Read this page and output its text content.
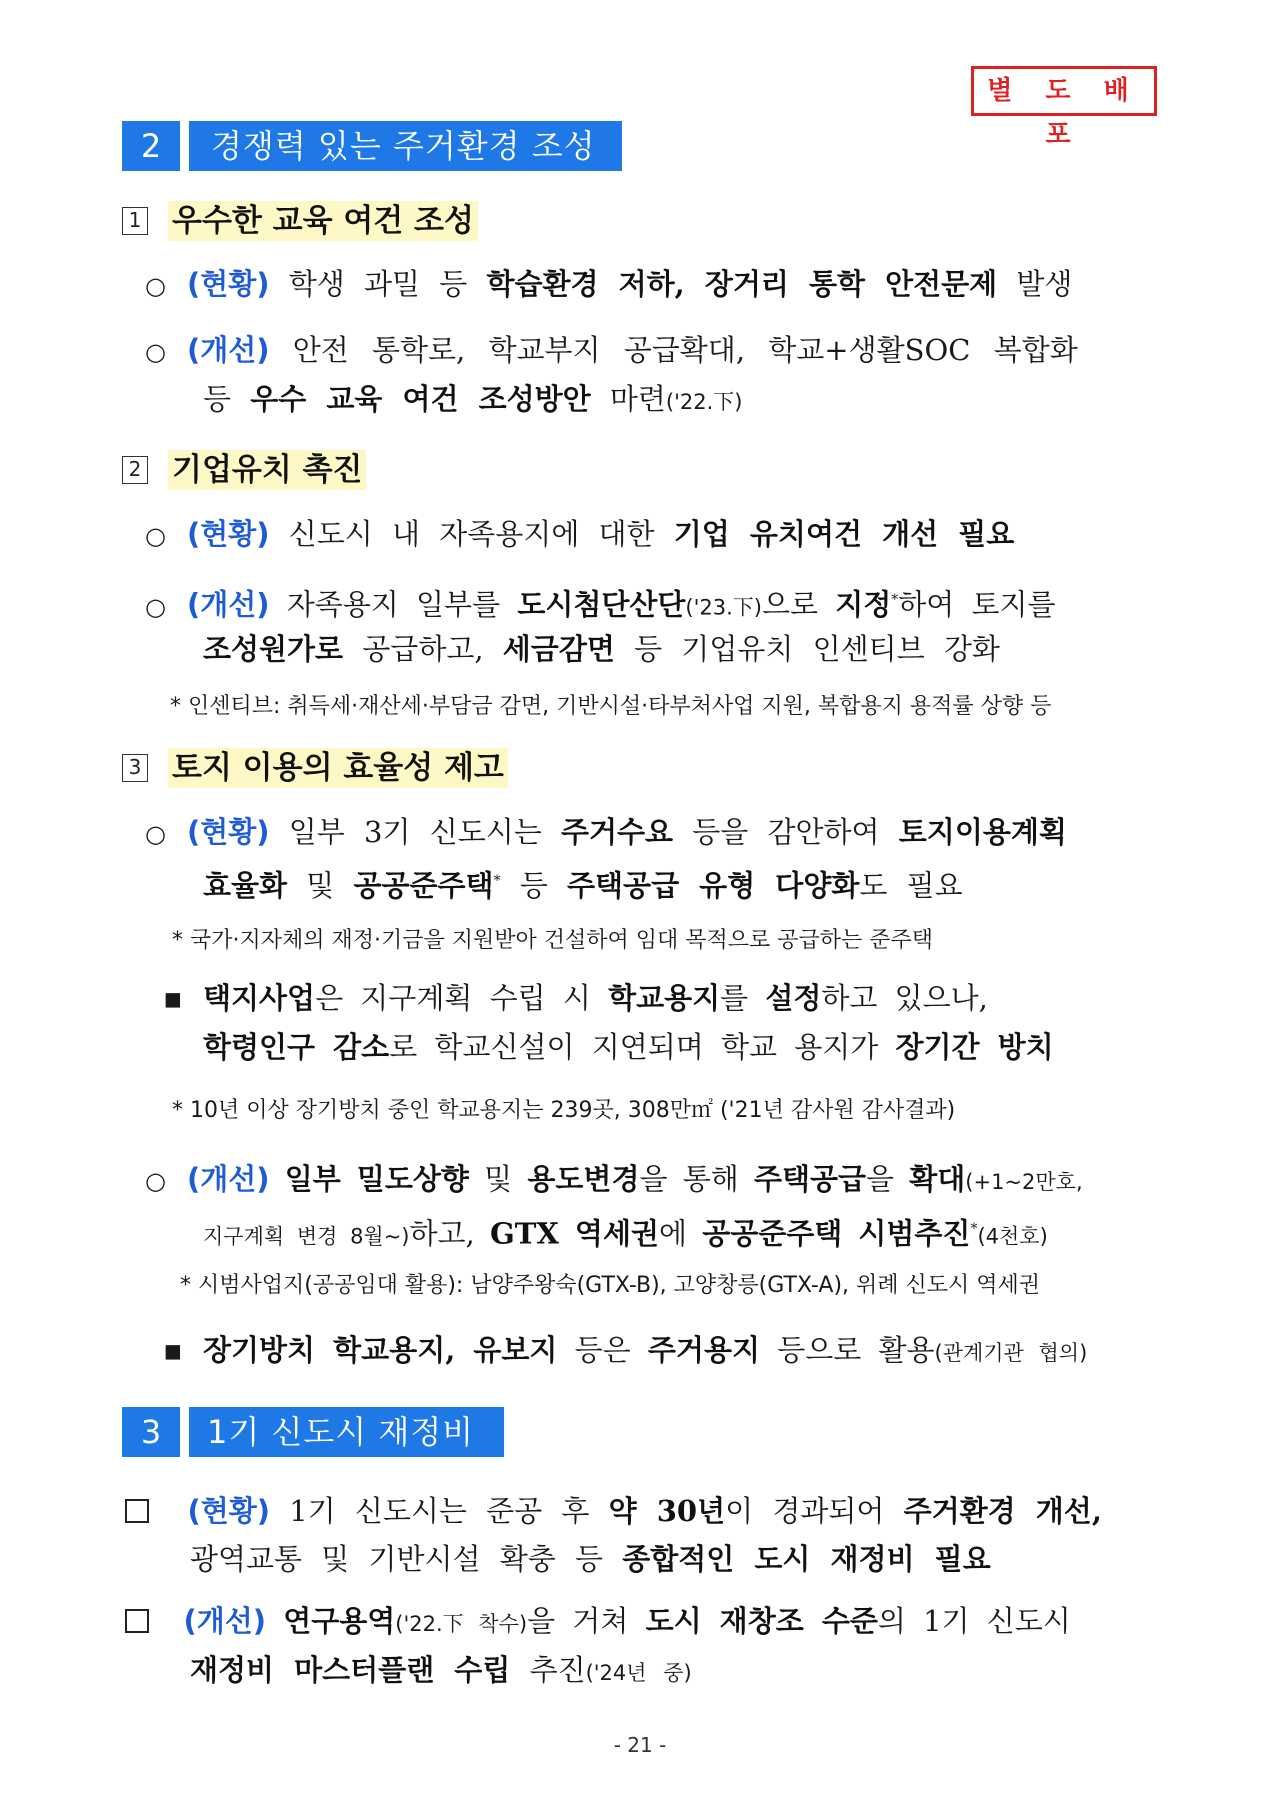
별 도 배 포
2	경쟁력 있는 주거환경 조성
1 우수한 교육 여건 조성
○ (현황) 학생 과밀 등 학습환경 저하, 장거리 통학 안전문제 발생
○ (개선) 안전 통학로, 학교부지 공급확대, 학교+생활SOC 복합화
등 우수 교육 여건 조성방안 마련('22.下)
2 기업유치 촉진
○ (현황) 신도시 내 자족용지에 대한 기업 유치여건 개선 필요
○ (개선) 자족용지 일부를 도시첨단산단('23.下)으로 지정*하여 토지를
조성원가로 공급하고, 세금감면 등 기업유치 인센티브 강화
* 인센티브: 취득세·재산세·부담금 감면, 기반시설·타부처사업 지원, 복합용지 용적률 상향 등
3 토지 이용의 효율성 제고
○ (현황) 일부 3기 신도시는 주거수요 등을 감안하여 토지이용계획
효율화 및 공공준주택* 등 주택공급 유형 다양화도 필요
* 국가·지자체의 재정·기금을 지원받아 건설하여 임대 목적으로 공급하는 준주택
▪ 택지사업은 지구계획 수립 시 학교용지를 설정하고 있으나,
학령인구 감소로 학교신설이 지연되며 학교 용지가 장기간 방치
* 10년 이상 장기방치 중인 학교용지는 239곳, 308만㎡ ('21년 감사원 감사결과)
○ (개선) 일부 밀도상향 및 용도변경을 통해 주택공급을 확대(+1~2만호,
지구계획 변경 8월~)하고, GTX 역세권에 공공준주택 시범추진*(4천호)
* 시범사업지(공공임대 활용): 남양주왕숙(GTX-B), 고양창릉(GTX-A), 위례 신도시 역세권
▪ 장기방치 학교용지, 유보지 등은 주거용지 등으로 활용(관계기관 협의)
3	1기 신도시 재정비
(현황) 1기 신도시는 준공 후 약 30년이 경과되어 주거환경 개선,
광역교통 및 기반시설 확충 등 종합적인 도시 재정비 필요
(개선) 연구용역('22.下 착수)을 거쳐 도시 재창조 수준의 1기 신도시
재정비 마스터플랜 수립 추진('24년 중)
- 21 -
